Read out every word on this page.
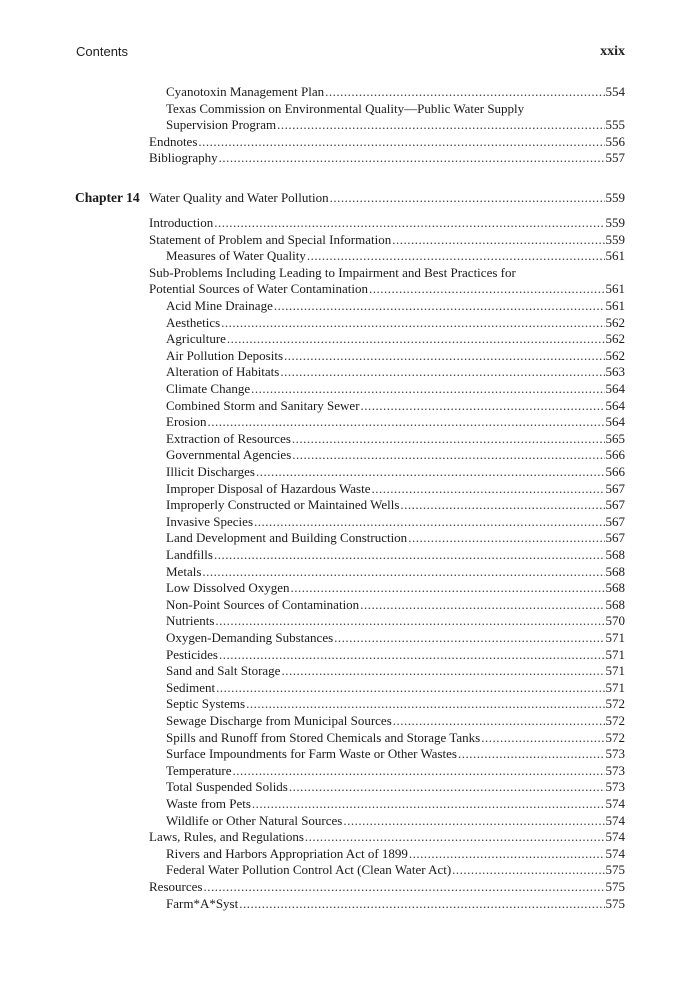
Contents	xxix
Chapter 14 Water Quality and Water Pollution .....	559
Cyanotoxin Management Plan .....	554
Texas Commission on Environmental Quality—Public Water Supply
Supervision Program .....	555
Endnotes .....	556
Bibliography .....	557
Introduction .....	559
Statement of Problem and Special Information .....	559
Measures of Water Quality .....	561
Sub-Problems Including Leading to Impairment and Best Practices for
Potential Sources of Water Contamination .....	561
Acid Mine Drainage .....	561
Aesthetics .....	562
Agriculture .....	562
Air Pollution Deposits .....	562
Alteration of Habitats .....	563
Climate Change .....	564
Combined Storm and Sanitary Sewer .....	564
Erosion .....	564
Extraction of Resources .....	565
Governmental Agencies .....	566
Illicit Discharges .....	566
Improper Disposal of Hazardous Waste .....	567
Improperly Constructed or Maintained Wells .....	567
Invasive Species .....	567
Land Development and Building Construction .....	567
Landfills .....	568
Metals .....	568
Low Dissolved Oxygen .....	568
Non-Point Sources of Contamination .....	568
Nutrients .....	570
Oxygen-Demanding Substances .....	571
Pesticides .....	571
Sand and Salt Storage .....	571
Sediment .....	571
Septic Systems .....	572
Sewage Discharge from Municipal Sources .....	572
Spills and Runoff from Stored Chemicals and Storage Tanks .....	572
Surface Impoundments for Farm Waste or Other Wastes .....	573
Temperature .....	573
Total Suspended Solids .....	573
Waste from Pets .....	574
Wildlife or Other Natural Sources .....	574
Laws, Rules, and Regulations .....	574
Rivers and Harbors Appropriation Act of 1899 .....	574
Federal Water Pollution Control Act (Clean Water Act) .....	575
Resources .....	575
Farm*A*Syst .....	575
